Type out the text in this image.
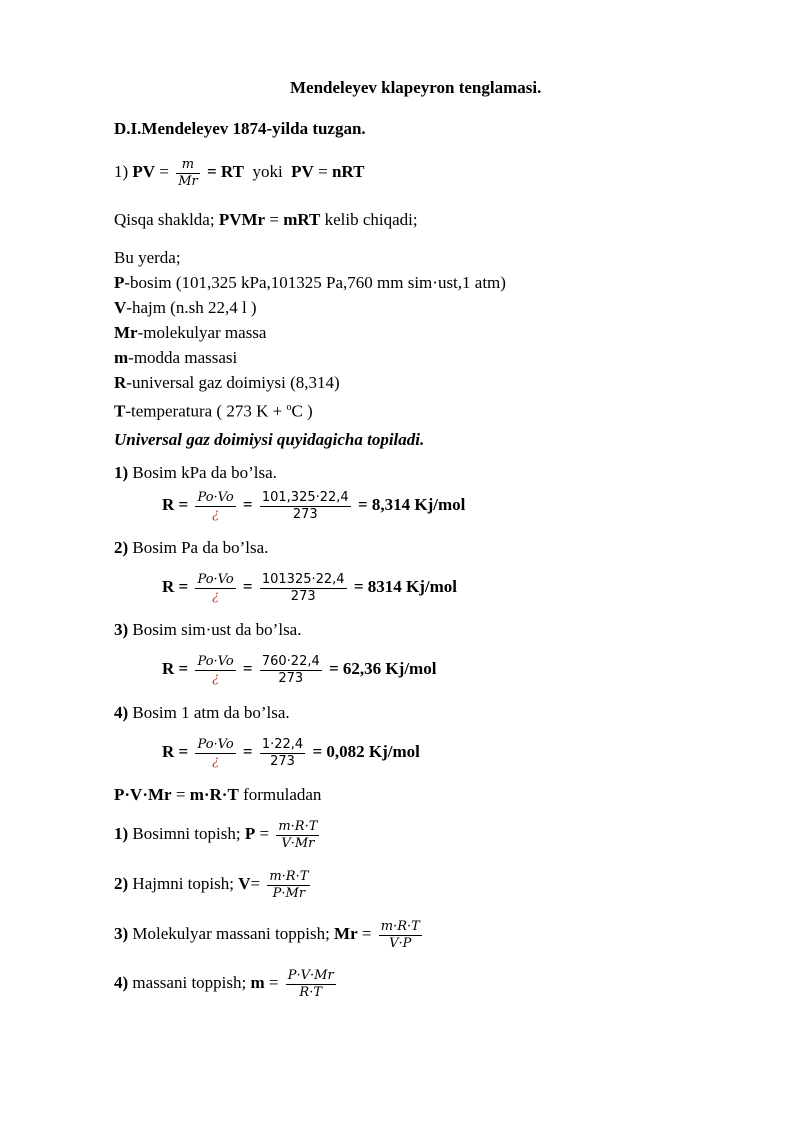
Mendeleyev klapeyron tenglamasi.
D.I.Mendeleyev 1874-yilda tuzgan.
1) PV = $\frac{m}{Mr}$ = RT yoki PV = nRT
Qisqa shaklda; PVMr = mRT kelib chiqadi;
Bu yerda;
P-bosim (101,325 kPa,101325 Pa,760 mm sim·ust,1 atm)
V-hajm (n.sh 22,4 l )
Mr-molekulyar massa
m-modda massasi
R-universal gaz doimiysi (8,314)
T-temperatura ( 273 K + $^o$C )
Universal gaz doimiysi quyidagicha topiladi.
1) Bosim kPa da bo’lsa.
$R = \frac{Po\cdot Vo}{¿} = \frac{101,325\cdot 22,4}{273} = 8,314$ Kj/mol
2) Bosim Pa da bo’lsa.
$R = \frac{Po\cdot Vo}{¿} = \frac{101325\cdot 22,4}{273} = 8314$ Kj/mol
3) Bosim sim·ust da bo’lsa.
$R = \frac{Po\cdot Vo}{¿} = \frac{760\cdot 22,4}{273} = 62,36$ Kj/mol
4) Bosim 1 atm da bo’lsa.
$R = \frac{Po\cdot Vo}{¿} = \frac{1\cdot 22,4}{273} = 0,082$ Kj/mol
P·V·Mr = m·R·T formuladan
1) Bosimni topish; $P = \frac{m\cdot R\cdot T}{V\cdot Mr}$
2) Hajmni topish; $V= \frac{m\cdot R\cdot T}{P\cdot Mr}$
3) Molekulyar massani toppish; $Mr = \frac{m\cdot R\cdot T}{V\cdot P}$
4) massani toppish; $m = \frac{P\cdot V\cdot Mr}{R\cdot T}$
